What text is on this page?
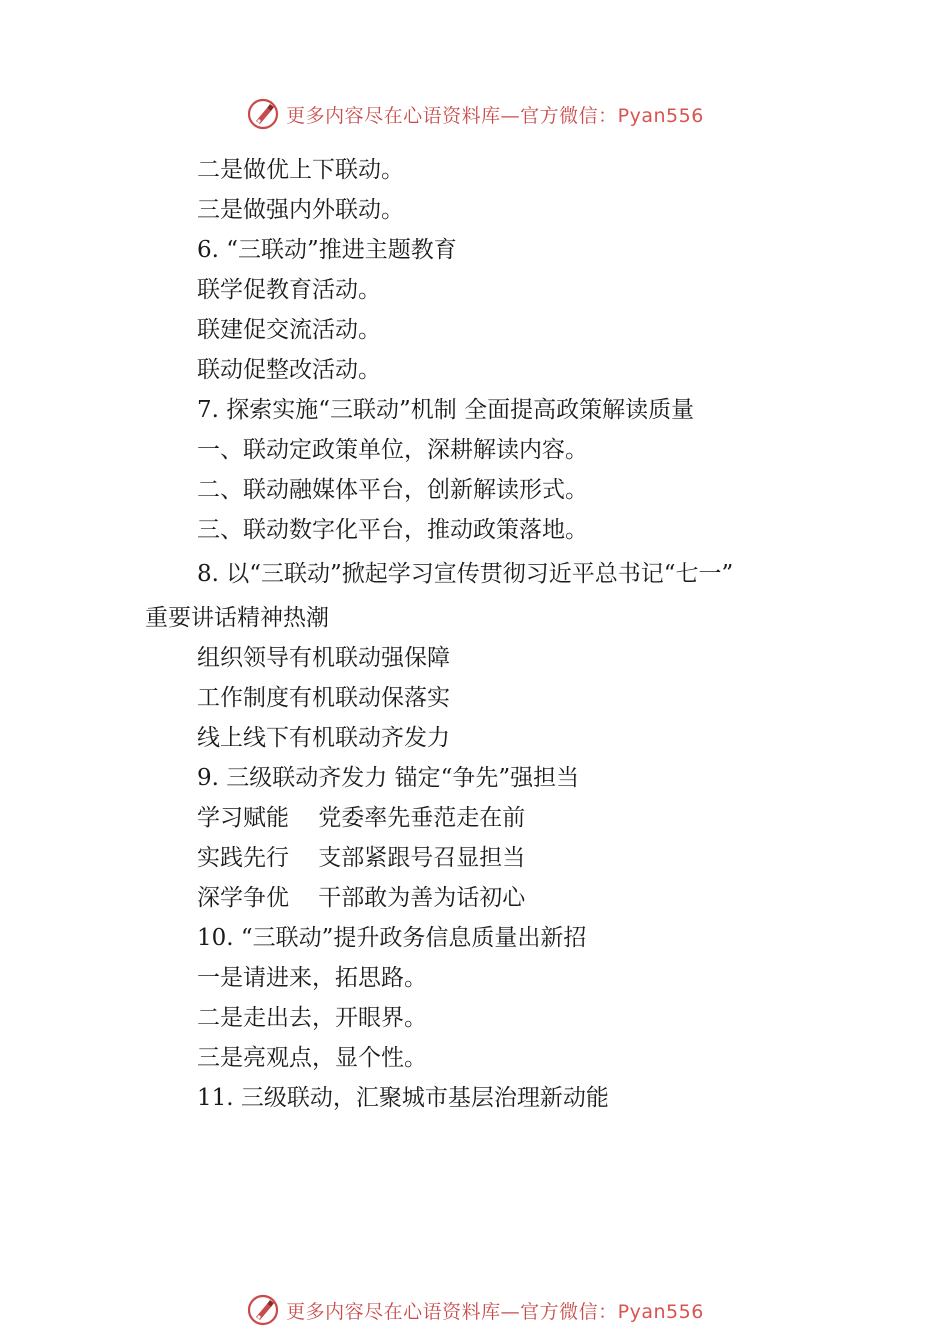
更多内容尽在心语资料库—官方微信：Pyan556
二是做优上下联动。
三是做强内外联动。
6. “三联动”推进主题教育
联学促教育活动。
联建促交流活动。
联动促整改活动。
7. 探索实施“三联动”机制 全面提高政策解读质量
一、联动定政策单位，深耕解读内容。
二、联动融媒体平台，创新解读形式。
三、联动数字化平台，推动政策落地。
8. 以“三联动”掀起学习宣传贯彻习近平总书记“七一”
重要讲话精神热潮
组织领导有机联动强保障
工作制度有机联动保落实
线上线下有机联动齐发力
9. 三级联动齐发力 锚定“争先”强担当
学习赋能    党委率先垂范走在前
实践先行    支部紧跟号召显担当
深学争优    干部敢为善为话初心
10. “三联动”提升政务信息质量出新招
一是请进来，拓思路。
二是走出去，开眼界。
三是亮观点，显个性。
11. 三级联动，汇聚城市基层治理新动能
更多内容尽在心语资料库—官方微信：Pyan556
